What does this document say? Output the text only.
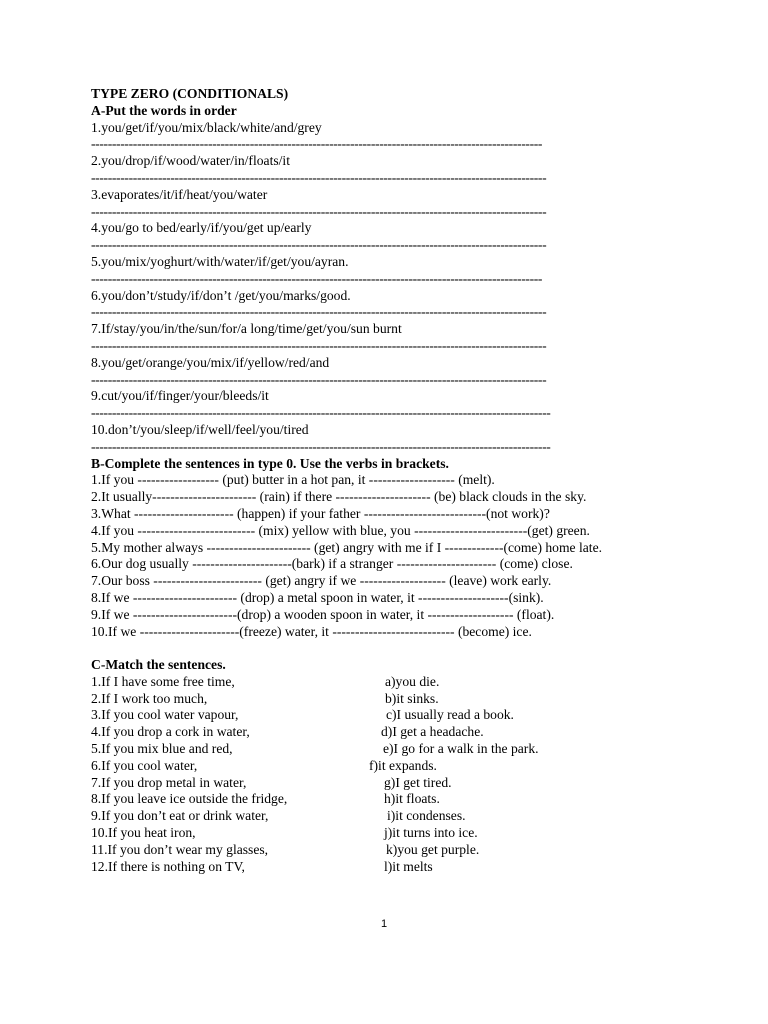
TYPE ZERO (CONDITIONALS)
A-Put the words in order
1.you/get/if/you/mix/black/white/and/grey
------------------------------------------------------------------------------------------------------------
2.you/drop/if/wood/water/in/floats/it
-------------------------------------------------------------------------------------------------------------
3.evaporates/it/if/heat/you/water
-------------------------------------------------------------------------------------------------------------
4.you/go to bed/early/if/you/get up/early
-------------------------------------------------------------------------------------------------------------
5.you/mix/yoghurt/with/water/if/get/you/ayran.
------------------------------------------------------------------------------------------------------------
6.you/don’t/study/if/don’t /get/you/marks/good.
-------------------------------------------------------------------------------------------------------------
7.If/stay/you/in/the/sun/for/a long/time/get/you/sun burnt
-------------------------------------------------------------------------------------------------------------
8.you/get/orange/you/mix/if/yellow/red/and
-------------------------------------------------------------------------------------------------------------
9.cut/you/if/finger/your/bleeds/it
--------------------------------------------------------------------------------------------------------------
10.don’t/you/sleep/if/well/feel/you/tired
--------------------------------------------------------------------------------------------------------------
B-Complete the sentences in type 0. Use the verbs in brackets.
1.If you ------------------ (put) butter in a hot pan, it ------------------- (melt).
2.It usually----------------------- (rain) if there --------------------- (be) black clouds in the sky.
3.What ---------------------- (happen) if your father ---------------------------(not work)?
4.If you -------------------------- (mix) yellow with blue, you -------------------------(get) green.
5.My mother always ----------------------- (get) angry with me if I -------------(come) home late.
6.Our dog usually ----------------------(bark) if a stranger ---------------------- (come) close.
7.Our boss ------------------------ (get) angry if we ------------------- (leave) work early.
8.If we ----------------------- (drop) a metal spoon in water, it --------------------(sink).
9.If we -----------------------(drop) a wooden spoon in water, it ------------------- (float).
10.If we ----------------------(freeze) water, it --------------------------- (become) ice.
C-Match the sentences.
1.If I have some free time,	a)you die.
2.If I work too much,	b)it sinks.
3.If you cool water vapour,	c)I usually read a book.
4.If you drop a cork in water,	d)I get a headache.
5.If you mix blue and red,	e)I go for a walk in the park.
6.If you cool water,	f)it expands.
7.If you drop metal in water,	g)I get tired.
8.If you leave ice outside the fridge,	h)it floats.
9.If you don’t eat or drink water,	i)it condenses.
10.If you heat iron,	j)it turns into ice.
11.If you don’t wear my glasses,	k)you get purple.
12.If there is nothing on TV,	l)it melts
1
